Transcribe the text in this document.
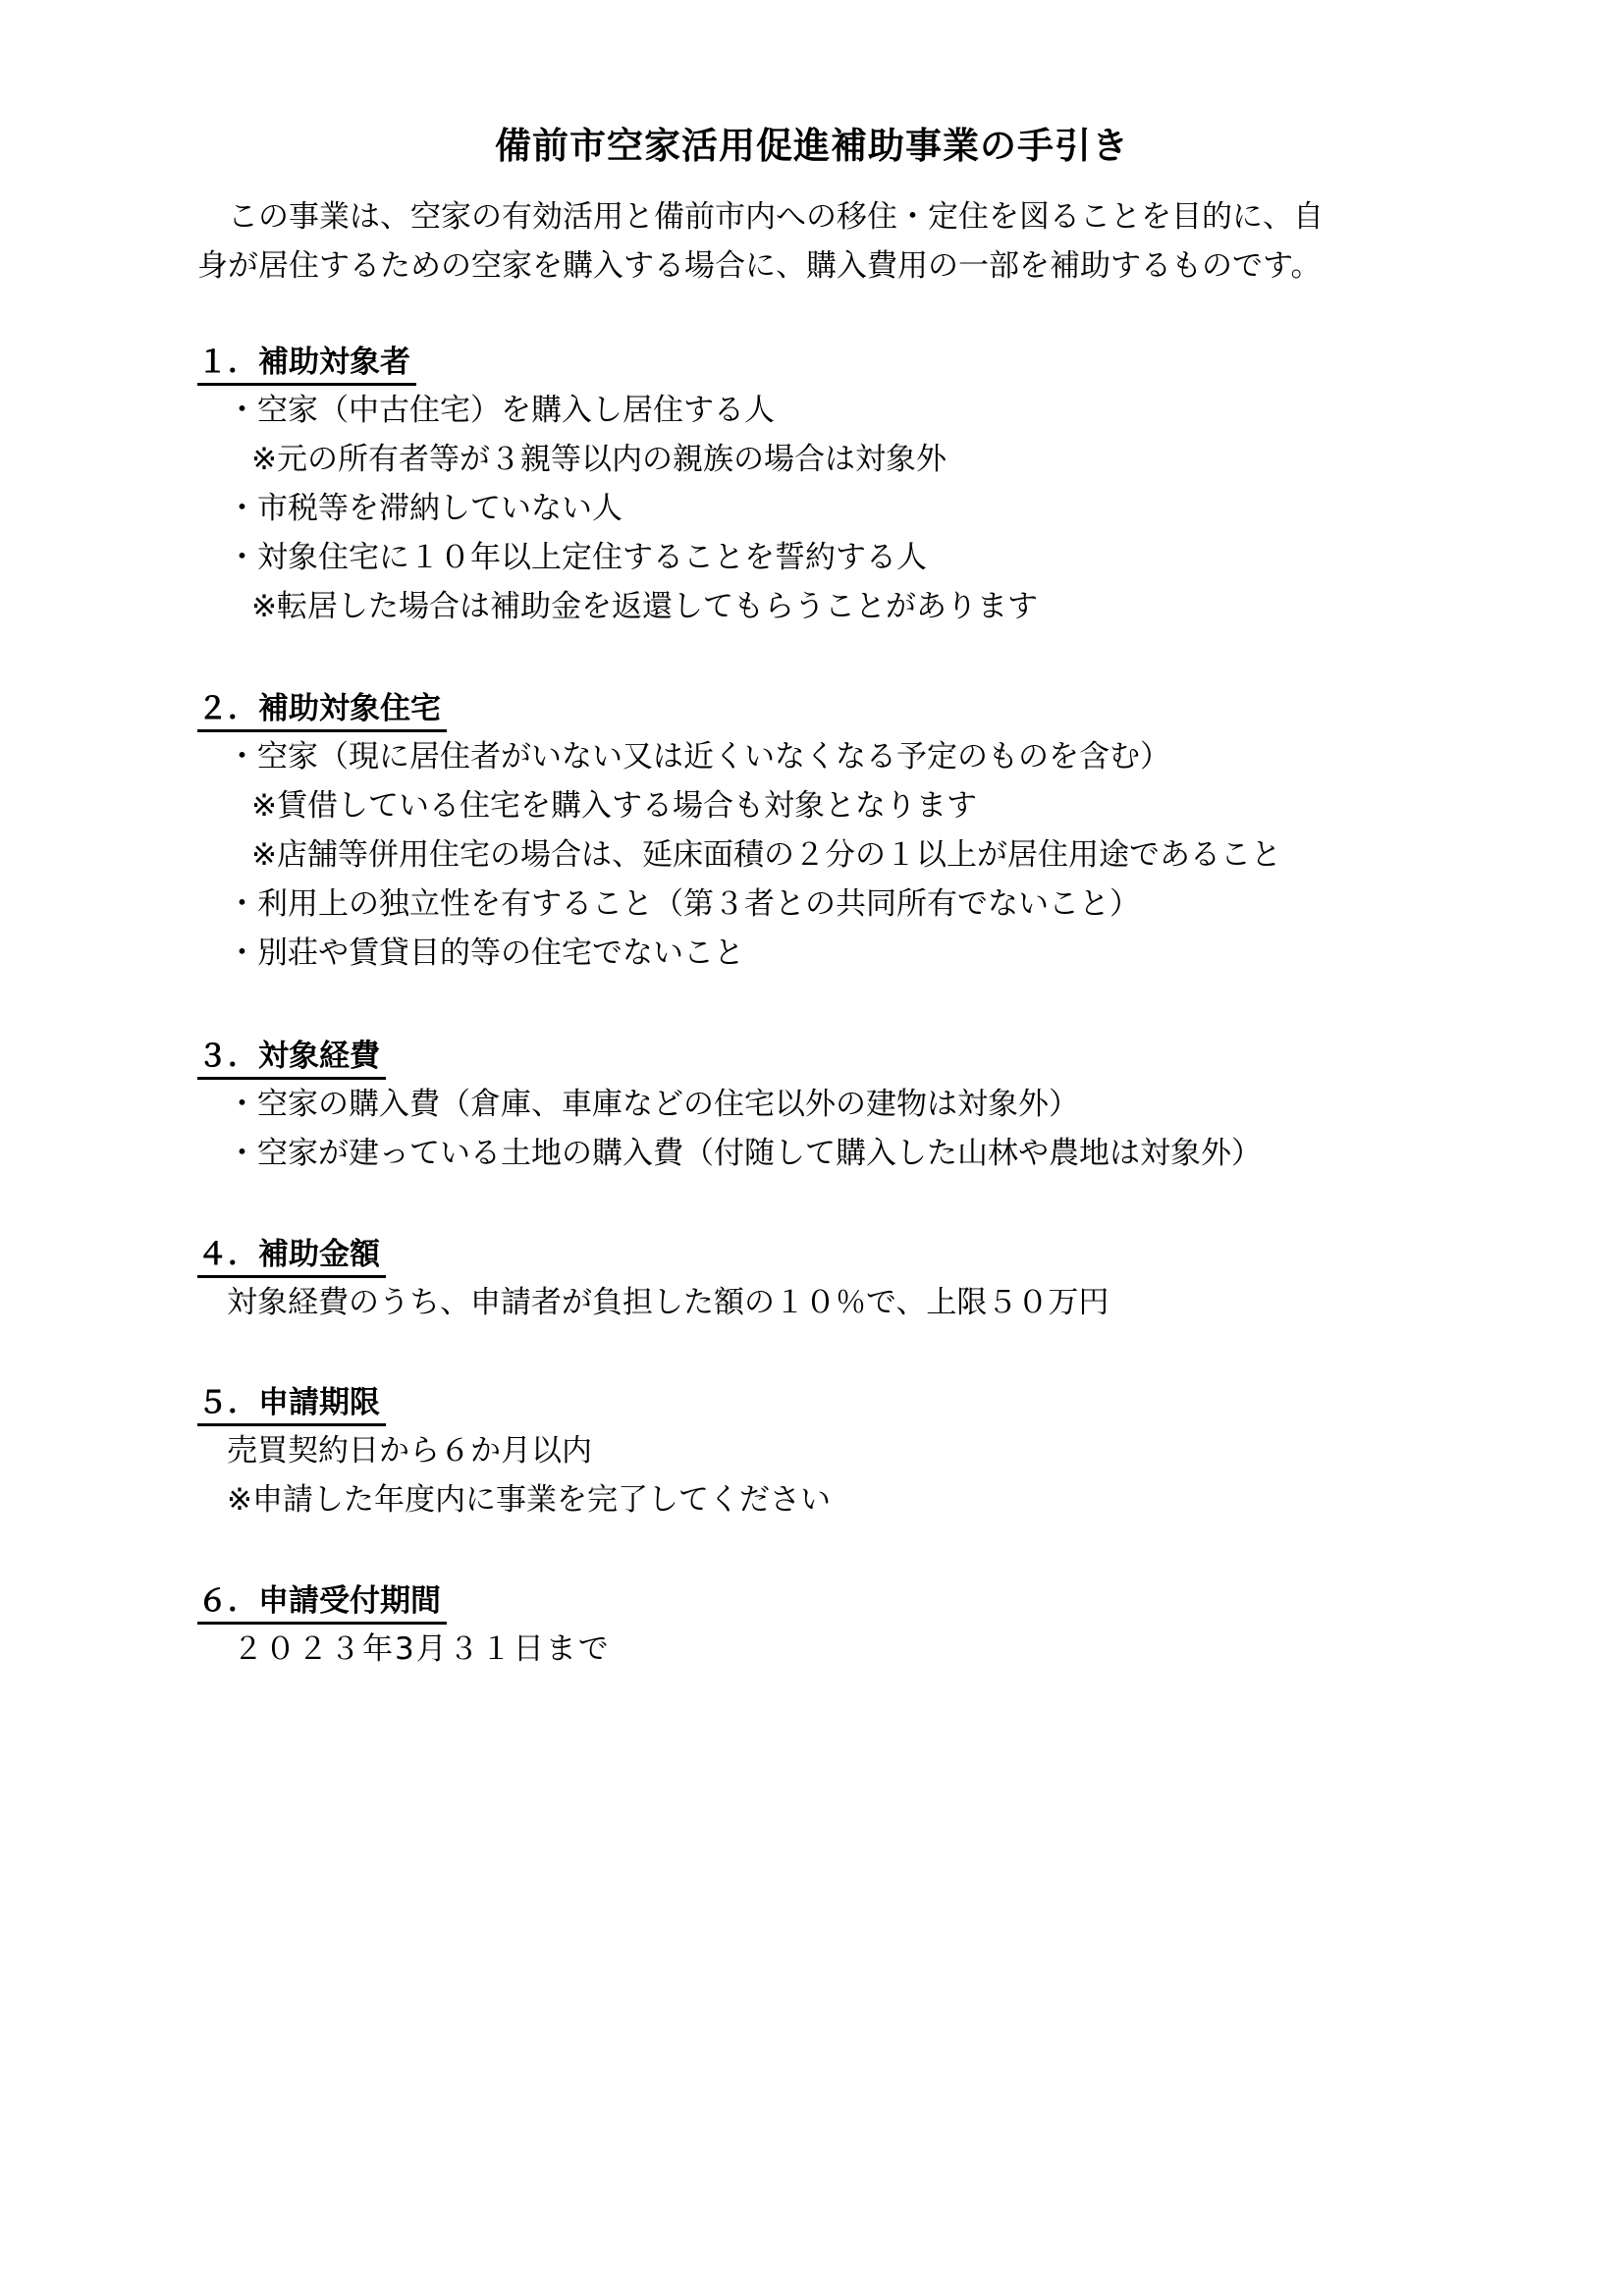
備前市空家活用促進補助事業の手引き

この事業は、空家の有効活用と備前市内への移住・定住を図ることを目的に、自

身が居住するための空家を購入する場合に、購入費用の一部を補助するものです。

１．補助対象者
・空家（中古住宅）を購入し居住する人
※元の所有者等が３親等以内の親族の場合は対象外
・市税等を滞納していない人
・対象住宅に１０年以上定住することを誓約する人
※転居した場合は補助金を返還してもらうことがあります
２．補助対象住宅
・空家（現に居住者がいない又は近くいなくなる予定のものを含む）
※賃借している住宅を購入する場合も対象となります
※店舗等併用住宅の場合は、延床面積の２分の１以上が居住用途であること
・利用上の独立性を有すること（第３者との共同所有でないこと）
・別荘や賃貸目的等の住宅でないこと
３．対象経費
・空家の購入費（倉庫、車庫などの住宅以外の建物は対象外）
・空家が建っている土地の購入費（付随して購入した山林や農地は対象外）
４．補助金額
対象経費のうち、申請者が負担した額の１０％で、上限５０万円
５．申請期限
売買契約日から６か月以内
※申請した年度内に事業を完了してください
６．申請受付期間
２０２３年3月３１日まで
